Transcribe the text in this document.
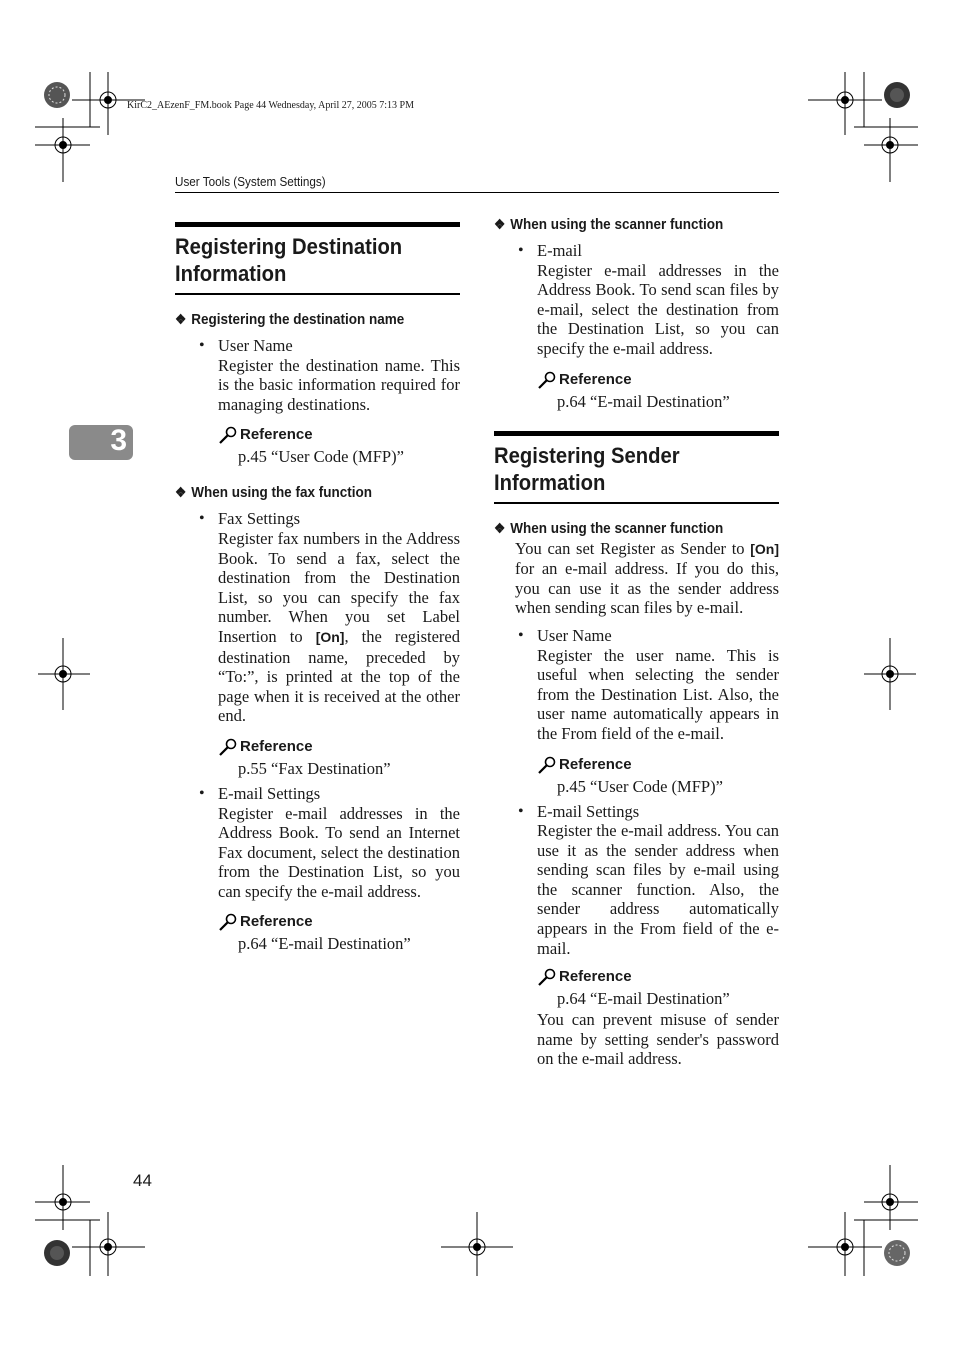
KirC2_AEzenF_FM.book Page 44 Wednesday, April 27, 2005 7:13 PM
User Tools (System Settings)
3
44
Registering Destination
Information
❖ Registering the destination name
• User Name
Register the destination name. This is the basic information required for managing destinations.
Reference
p.45 “User Code (MFP)”
❖ When using the fax function
• Fax Settings
Register fax numbers in the Address Book. To send a fax, select the destination from the Destination List, so you can specify the fax number. When you set Label Insertion to [On], the registered destination name, preceded by “To:”, is printed at the top of the page when it is received at the other end.
Reference
p.55 “Fax Destination”
• E-mail Settings
Register e-mail addresses in the Address Book. To send an Internet Fax document, select the destination from the Destination List, so you can specify the e-mail address.
Reference
p.64 “E-mail Destination”
❖ When using the scanner function
• E-mail
Register e-mail addresses in the Address Book. To send scan files by e-mail, select the destination from the Destination List, so you can specify the e-mail address.
Reference
p.64 “E-mail Destination”
Registering Sender
Information
❖ When using the scanner function
You can set Register as Sender to [On] for an e-mail address. If you do this, you can use it as the sender address when sending scan files by e-mail.
• User Name
Register the user name. This is useful when selecting the sender from the Destination List. Also, the user name automatically appears in the From field of the e-mail.
Reference
p.45 “User Code (MFP)”
• E-mail Settings
Register the e-mail address. You can use it as the sender address when sending scan files by e-mail using the scanner function. Also, the sender address automatically appears in the From field of the e-mail.
Reference
p.64 “E-mail Destination”
You can prevent misuse of sender name by setting sender's password on the e-mail address.
